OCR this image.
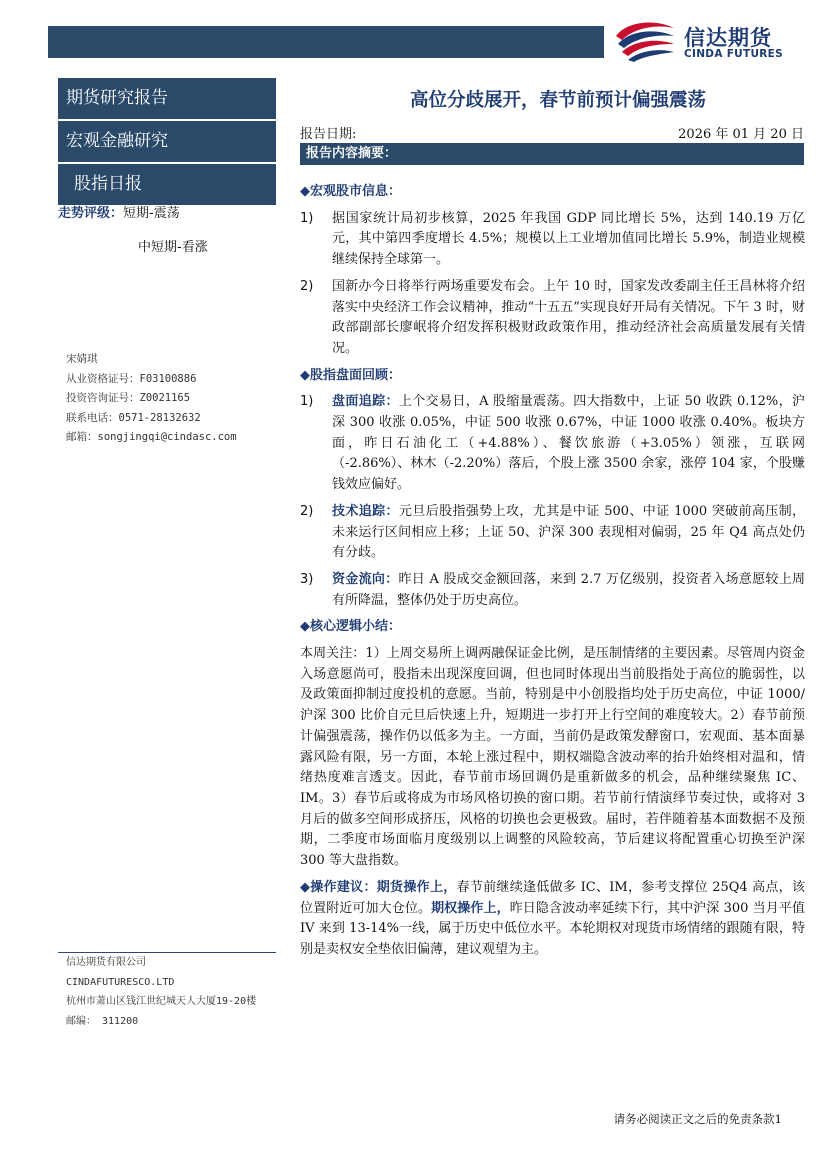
信达期货
CINDA FUTURES
期货研究报告
宏观金融研究
股指日报
走势评级：短期-震荡
中短期-看涨
宋婧琪
从业资格证号：F03100886
投资咨询证号：Z0021165
联系电话：0571-28132632
邮箱：songjingqi@cindasc.com
信达期货有限公司
CINDAFUTURESCO.LTD
杭州市萧山区钱江世纪城天人大厦19-20楼
邮编： 311200
高位分歧展开，春节前预计偏强震荡
报告日期:	2026 年 01 月 20 日
报告内容摘要：

◆宏观股市信息：

1)	据国家统计局初步核算，2025 年我国 GDP 同比增长 5%，达到 140.19 万亿元，其中第四季度增长 4.5%；规模以上工业增加值同比增长 5.9%，制造业规模继续保持全球第一。
2)	国新办今日将举行两场重要发布会。上午 10 时，国家发改委副主任王昌林将介绍落实中央经济工作会议精神，推动“十五五”实现良好开局有关情况。下午 3 时，财政部副部长廖岷将介绍发挥积极财政政策作用，推动经济社会高质量发展有关情况。

◆股指盘面回顾：

1)	盘面追踪：上个交易日，A 股缩量震荡。四大指数中，上证 50 收跌 0.12%，沪深 300 收涨 0.05%，中证 500 收涨 0.67%，中证 1000 收涨 0.40%。板块方面，昨日石油化工（+4.88%）、餐饮旅游（+3.05%）领涨，互联网（-2.86%）、林木（-2.20%）落后，个股上涨 3500 余家，涨停 104 家，个股赚钱效应偏好。
2)	技术追踪：元旦后股指强势上攻，尤其是中证 500、中证 1000 突破前高压制，未来运行区间相应上移；上证 50、沪深 300 表现相对偏弱，25 年 Q4 高点处仍有分歧。
3)	资金流向：昨日 A 股成交金额回落，来到 2.7 万亿级别，投资者入场意愿较上周有所降温，整体仍处于历史高位。

◆核心逻辑小结：

本周关注：1）上周交易所上调两融保证金比例，是压制情绪的主要因素。尽管周内资金入场意愿尚可，股指未出现深度回调，但也同时体现出当前股指处于高位的脆弱性，以及政策面抑制过度投机的意愿。当前，特别是中小创股指均处于历史高位，中证 1000/沪深 300 比价自元旦后快速上升，短期进一步打开上行空间的难度较大。2）春节前预计偏强震荡，操作仍以低多为主。一方面，当前仍是政策发酵窗口，宏观面、基本面暴露风险有限，另一方面，本轮上涨过程中，期权端隐含波动率的抬升始终相对温和，情绪热度难言透支。因此，春节前市场回调仍是重新做多的机会，品种继续聚焦 IC、IM。3）春节后或将成为市场风格切换的窗口期。若节前行情演绎节奏过快，或将对 3 月后的做多空间形成挤压，风格的切换也会更极致。届时，若伴随着基本面数据不及预期，二季度市场面临月度级别以上调整的风险较高，节后建议将配置重心切换至沪深 300 等大盘指数。

◆操作建议：期货操作上，春节前继续逢低做多 IC、IM，参考支撑位 25Q4 高点，该位置附近可加大仓位。期权操作上，昨日隐含波动率延续下行，其中沪深 300 当月平值 IV 来到 13-14%一线，属于历史中低位水平。本轮期权对现货市场情绪的跟随有限，特别是卖权安全垫依旧偏薄，建议观望为主。

请务必阅读正文之后的免责条款1
